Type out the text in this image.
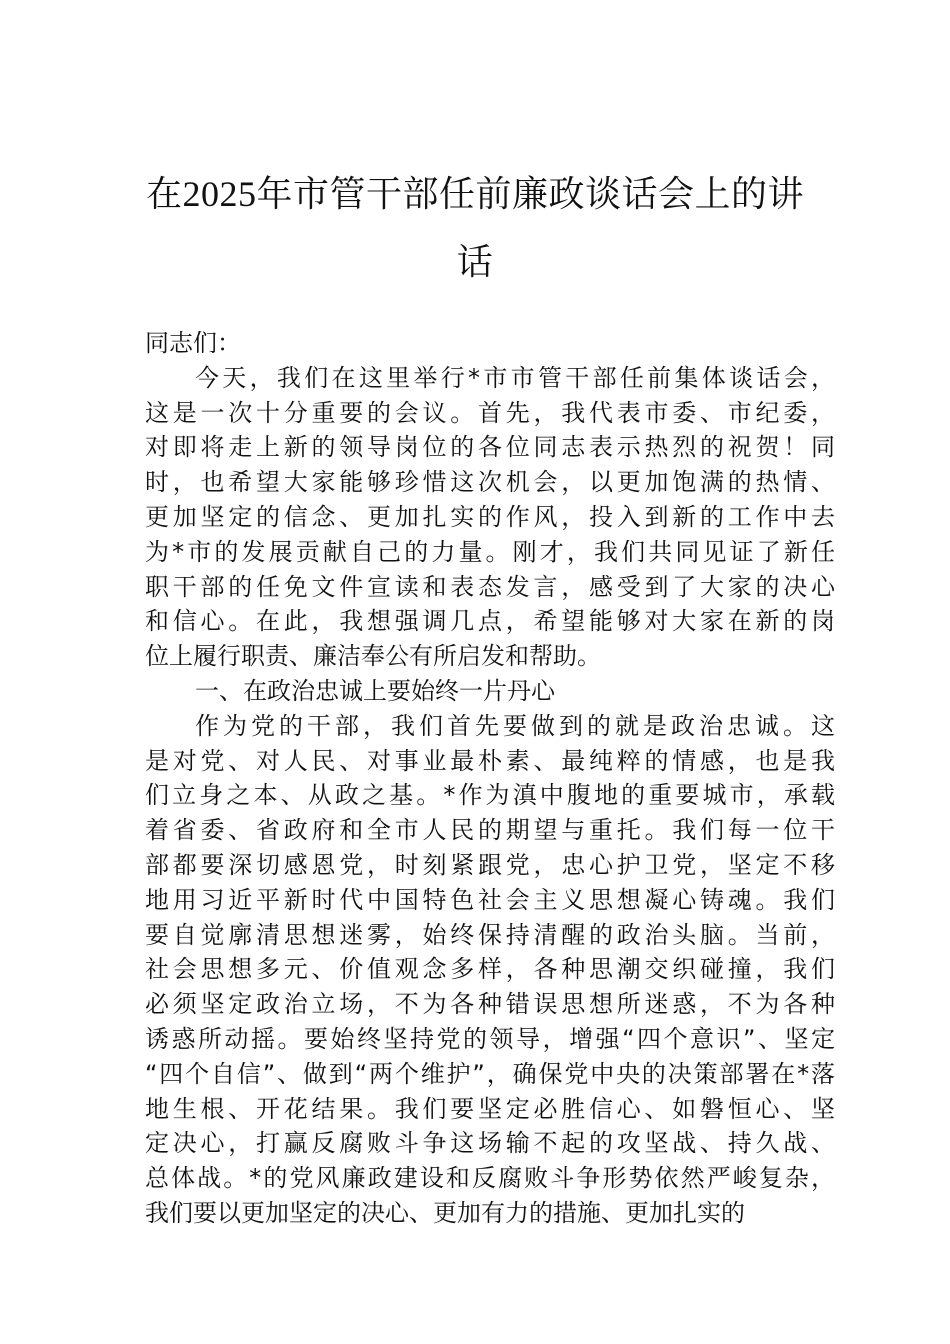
在2025年市管干部任前廉政谈话会上的讲
话
同志们：
今天，我们在这里举行*市市管干部任前集体谈话会，
这是一次十分重要的会议。首先，我代表市委、市纪委，
对即将走上新的领导岗位的各位同志表示热烈的祝贺！同
时，也希望大家能够珍惜这次机会，以更加饱满的热情、
更加坚定的信念、更加扎实的作风，投入到新的工作中去
为*市的发展贡献自己的力量。刚才，我们共同见证了新任
职干部的任免文件宣读和表态发言，感受到了大家的决心
和信心。在此，我想强调几点，希望能够对大家在新的岗
位上履行职责、廉洁奉公有所启发和帮助。
一、在政治忠诚上要始终一片丹心
作为党的干部，我们首先要做到的就是政治忠诚。这
是对党、对人民、对事业最朴素、最纯粹的情感，也是我
们立身之本、从政之基。*作为滇中腹地的重要城市，承载
着省委、省政府和全市人民的期望与重托。我们每一位干
部都要深切感恩党，时刻紧跟党，忠心护卫党，坚定不移
地用习近平新时代中国特色社会主义思想凝心铸魂。我们
要自觉廓清思想迷雾，始终保持清醒的政治头脑。当前，
社会思想多元、价值观念多样，各种思潮交织碰撞，我们
必须坚定政治立场，不为各种错误思想所迷惑，不为各种
诱惑所动摇。要始终坚持党的领导，增强“四个意识”、坚定
“四个自信”、做到“两个维护”，确保党中央的决策部署在*落
地生根、开花结果。我们要坚定必胜信心、如磐恒心、坚
定决心，打赢反腐败斗争这场输不起的攻坚战、持久战、
总体战。*的党风廉政建设和反腐败斗争形势依然严峻复杂，
我们要以更加坚定的决心、更加有力的措施、更加扎实的
